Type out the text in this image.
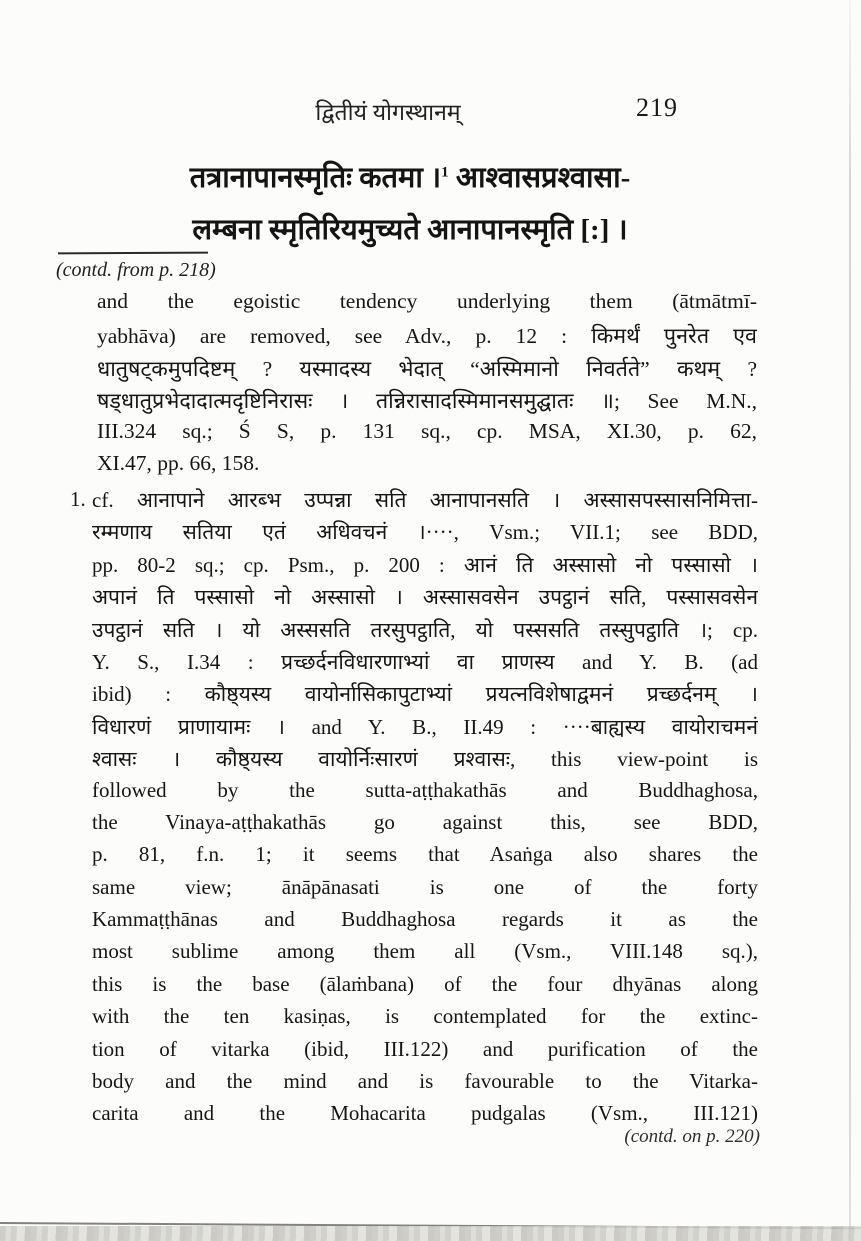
द्वितीयं योगस्थानम्	219
तत्रानापानस्मृतिः कतमा ।$^1$ आश्वासप्रश्वासा-
लम्बना स्मृतिरियमुच्यते आनापानस्मृति [:] ।
(contd. from p. 218)
and the egoistic tendency underlying them (ātmātmī-
yabhāva) are removed, see Adv., p. 12 : किमर्थं पुनरेत एव
धातुषट्कमुपदिष्टम् ? यस्मादस्य भेदात् “अस्मिमानो निवर्तते” कथम् ?
षड्धातुप्रभेदादात्मदृष्टिनिरासः । तन्निरासादस्मिमानसमुद्घातः ॥; See M.N.,
III.324 sq.; Ś S, p. 131 sq., cp. MSA, XI.30, p. 62,
XI.47, pp. 66, 158.
1. cf. आनापाने आरब्भ उप्पन्ना सति आनापानसति । अस्सासपस्सासनिमित्ता-
रम्मणाय सतिया एतं अधिवचनं ।····, Vsm.; VII.1; see BDD,
pp. 80-2 sq.; cp. Psm., p. 200 : आनं ति अस्सासो नो पस्सासो ।
अपानं ति पस्सासो नो अस्सासो । अस्सासवसेन उपट्ठानं सति, पस्सासवसेन
उपट्ठानं सति । यो अस्ससति तरसुपट्ठाति, यो पस्ससति तस्सुपट्ठाति ।; cp.
Y. S., I.34 : प्रच्छर्दनविधारणाभ्यां वा प्राणस्य and Y. B. (ad
ibid) : कौष्ठ्यस्य वायोर्नासिकापुटाभ्यां प्रयत्नविशेषाद्वमनं प्रच्छर्दनम् ।
विधारणं प्राणायामः । and Y. B., II.49 : ····बाह्यस्य वायोराचमनं
श्वासः । कौष्ठ्यस्य वायोर्निःसारणं प्रश्वासः, this view-point is
followed by the sutta-aṭṭhakathās and Buddhaghosa,
the Vinaya-aṭṭhakathās go against this, see BDD,
p. 81, f.n. 1; it seems that Asaṅga also shares the
same view; ānāpānasati is one of the forty
Kammaṭṭhānas and Buddhaghosa regards it as the
most sublime among them all (Vsm., VIII.148 sq.),
this is the base (ālaṁbana) of the four dhyānas along
with the ten kasiṇas, is contemplated for the extinc-
tion of vitarka (ibid, III.122) and purification of the
body and the mind and is favourable to the Vitarka-
carita and the Mohacarita pudgalas (Vsm., III.121)
(contd. on p. 220)
